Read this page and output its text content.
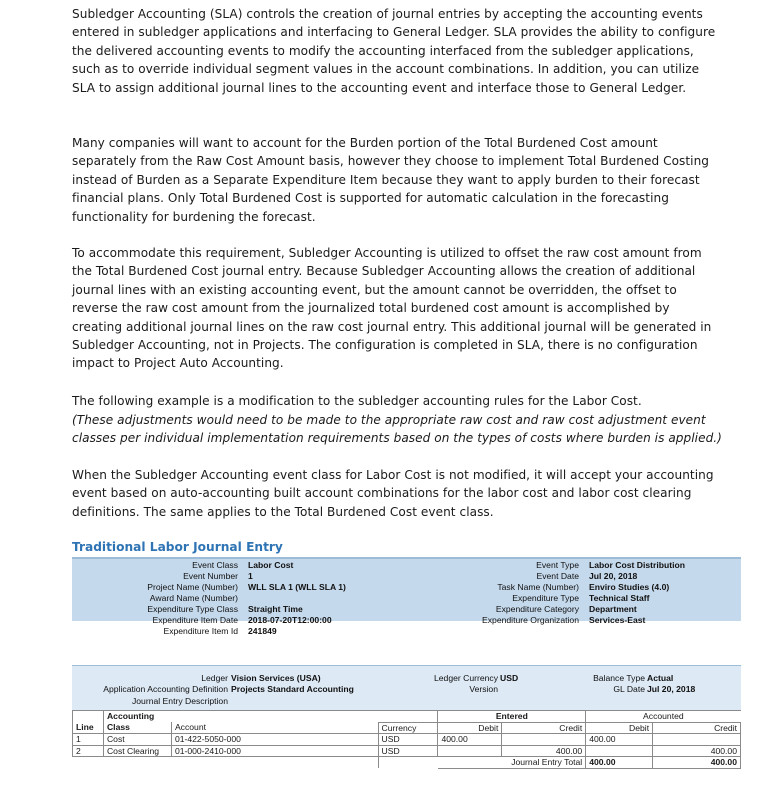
Subledger Accounting (SLA) controls the creation of journal entries by accepting the accounting events entered in subledger applications and interfacing to General Ledger. SLA provides the ability to configure the delivered accounting events to modify the accounting interfaced from the subledger applications, such as to override individual segment values in the account combinations. In addition, you can utilize SLA to assign additional journal lines to the accounting event and interface those to General Ledger.

Many companies will want to account for the Burden portion of the Total Burdened Cost amount separately from the Raw Cost Amount basis, however they choose to implement Total Burdened Costing instead of Burden as a Separate Expenditure Item because they want to apply burden to their forecast financial plans. Only Total Burdened Cost is supported for automatic calculation in the forecasting functionality for burdening the forecast.

To accommodate this requirement, Subledger Accounting is utilized to offset the raw cost amount from the Total Burdened Cost journal entry. Because Subledger Accounting allows the creation of additional journal lines with an existing accounting event, but the amount cannot be overridden, the offset to reverse the raw cost amount from the journalized total burdened cost amount is accomplished by creating additional journal lines on the raw cost journal entry. This additional journal will be generated in Subledger Accounting, not in Projects. The configuration is completed in SLA, there is no configuration impact to Project Auto Accounting.

The following example is a modification to the subledger accounting rules for the Labor Cost.

(These adjustments would need to be made to the appropriate raw cost and raw cost adjustment event classes per individual implementation requirements based on the types of costs where burden is applied.)

When the Subledger Accounting event class for Labor Cost is not modified, it will accept your accounting event based on auto-accounting built account combinations for the labor cost and labor cost clearing definitions. The same applies to the Total Burdened Cost event class.

Traditional Labor Journal Entry
Event Class Labor Cost
Event Number 1
Project Name (Number) WLL SLA 1 (WLL SLA 1)
Award Name (Number)
Expenditure Type Class Straight Time
Expenditure Item Date 2018-07-20T12:00:00
Expenditure Item Id 241849
Event Type Labor Cost Distribution
Event Date Jul 20, 2018
Task Name (Number) Enviro Studies (4.0)
Expenditure Type Technical Staff
Expenditure Category Department
Expenditure Organization Services-East
Ledger Vision Services (USA)
Application Accounting Definition Projects Standard Accounting
Journal Entry Description
Ledger Currency USD
Version
Balance Type Actual
GL Date Jul 20, 2018
	Accounting			Entered		Accounted	
Line	Class	Account	Currency	Debit	Credit	Debit	Credit
1	Cost	01-422-5050-000	USD	400.00		400.00	
2	Cost Clearing	01-000-2410-000	USD		400.00		400.00
				Journal Entry Total		400.00	400.00
